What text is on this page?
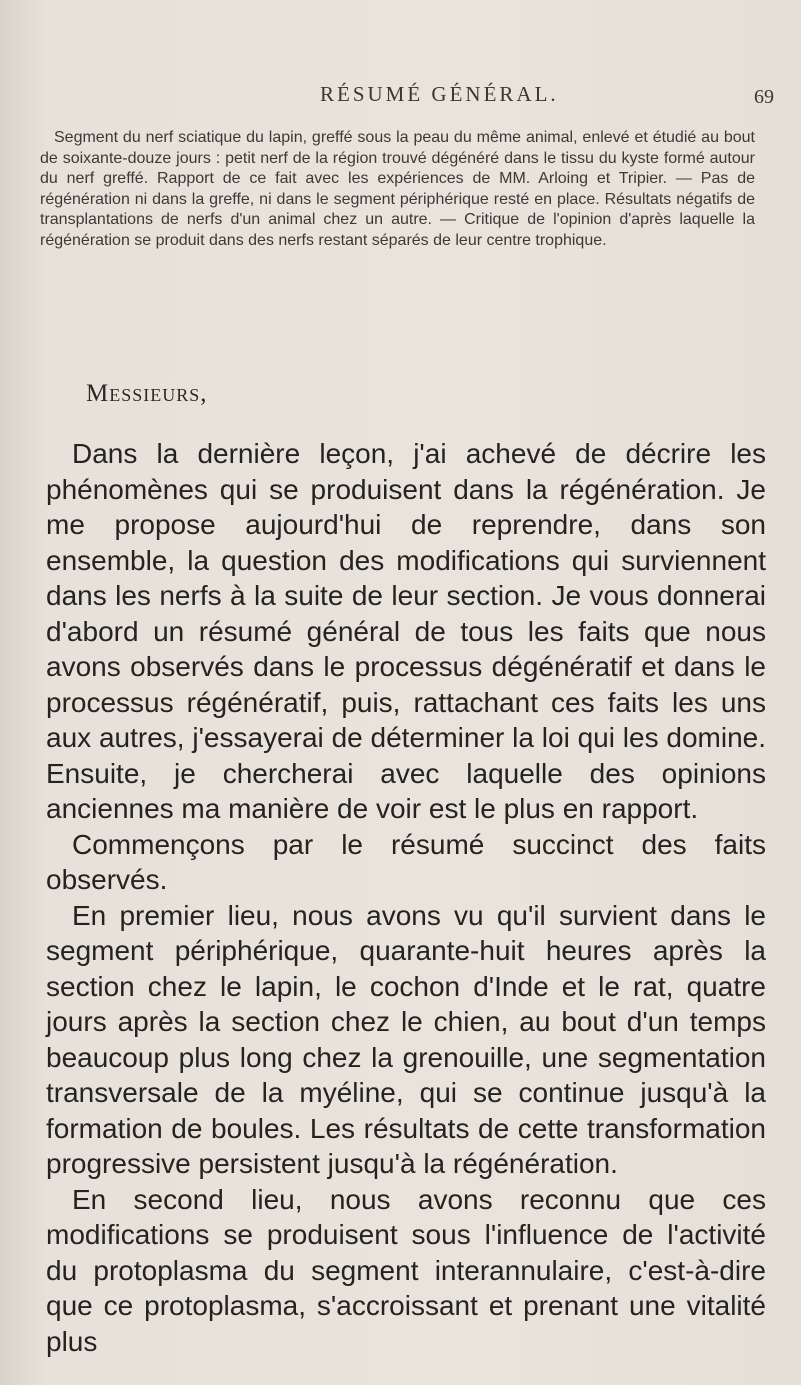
RÉSUMÉ GÉNÉRAL.	69

Segment du nerf sciatique du lapin, greffé sous la peau du même animal, enlevé et étudié au bout de soixante-douze jours : petit nerf de la région trouvé dégénéré dans le tissu du kyste formé autour du nerf greffé. Rapport de ce fait avec les expériences de MM. Arloing et Tripier. — Pas de régénération ni dans la greffe, ni dans le segment périphérique resté en place. Résultats négatifs de transplantations de nerfs d'un animal chez un autre. — Critique de l'opinion d'après laquelle la régénération se produit dans des nerfs restant séparés de leur centre trophique.

Messieurs,

Dans la dernière leçon, j'ai achevé de décrire les phénomènes qui se produisent dans la régénération. Je me propose aujourd'hui de reprendre, dans son ensemble, la question des modifications qui surviennent dans les nerfs à la suite de leur section. Je vous donnerai d'abord un résumé général de tous les faits que nous avons observés dans le processus dégénératif et dans le processus régénératif, puis, rattachant ces faits les uns aux autres, j'essayerai de déterminer la loi qui les domine. Ensuite, je chercherai avec laquelle des opinions anciennes ma manière de voir est le plus en rapport.

Commençons par le résumé succinct des faits observés.

En premier lieu, nous avons vu qu'il survient dans le segment périphérique, quarante-huit heures après la section chez le lapin, le cochon d'Inde et le rat, quatre jours après la section chez le chien, au bout d'un temps beaucoup plus long chez la grenouille, une segmentation transversale de la myéline, qui se continue jusqu'à la formation de boules. Les résultats de cette transformation progressive persistent jusqu'à la régénération.

En second lieu, nous avons reconnu que ces modifications se produisent sous l'influence de l'activité du protoplasma du segment interannulaire, c'est-à-dire que ce protoplasma, s'accroissant et prenant une vitalité plus
